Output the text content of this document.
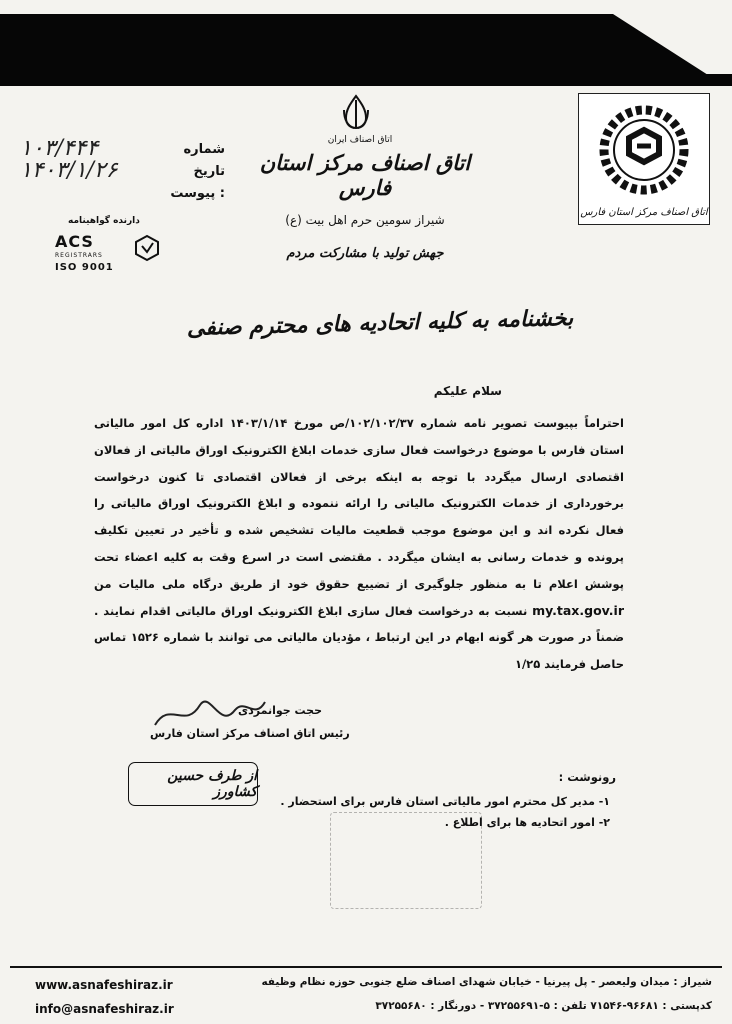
اتاق اصناف مرکز استان فارس
اتاق اصناف ایران
اتاق اصناف مرکز استان فارس
شیراز سومین حرم اهل بیت (ع)
جهش تولید با مشارکت مردم
شماره
۱۰۳/۴۴۴
تاریخ
۱۴۰۳/۱/۲۶
پیوست :
دارنده گواهینامه
ACS
REGISTRARS
ISO 9001
بخشنامه به کلیه اتحادیه های محترم صنفی
سلام علیکم

احتراماً بپیوست تصویر نامه شماره ۱۰۲/۱۰۲/۳۷/ص مورخ ۱۴۰۳/۱/۱۴ اداره کل امور مالیاتی استان فارس با موضوع درخواست فعال سازی خدمات ابلاغ الکترونیک اوراق مالیاتی از فعالان اقتصادی ارسال میگردد با توجه به اینکه برخی از فعالان اقتصادی تا کنون درخواست برخورداری از خدمات الکترونیک مالیاتی را ارائه ننموده و ابلاغ الکترونیک اوراق مالیاتی را فعال نکرده اند و این موضوع موجب قطعیت مالیات تشخیص شده و تأخیر در تعیین تکلیف پرونده و خدمات رسانی به ایشان میگردد . مقتضی است در اسرع وقت به کلیه اعضاء تحت پوشش اعلام تا به منظور جلوگیری از تضییع حقوق خود از طریق درگاه ملی مالیات من my.tax.gov.ir نسبت به درخواست فعال سازی ابلاغ الکترونیک اوراق مالیاتی اقدام نمایند . ضمناً در صورت هر گونه ابهام در این ارتباط ، مؤدیان مالیاتی می توانند با شماره ۱۵۲۶ تماس حاصل فرمایند ۱/۲۵

حجت جوانمردی
رئیس اتاق اصناف مرکز استان فارس
از طرف حسین کشاورز
رونوشت :
۱- مدیر کل محترم امور مالیاتی استان فارس برای استحضار .
۲- امور اتحادیه ها برای اطلاع .
www.asnafeshiraz.ir
info@asnafeshiraz.ir
شیراز : میدان ولیعصر - پل پیرنیا - خیابان شهدای اصناف ضلع جنوبی حوزه نظام وظیفه
کدپستی : ۹۶۶۸۱-۷۱۵۴۶ تلفن : ۵-۳۷۲۵۵۶۹۱ - دورنگار : ۳۷۲۵۵۶۸۰
